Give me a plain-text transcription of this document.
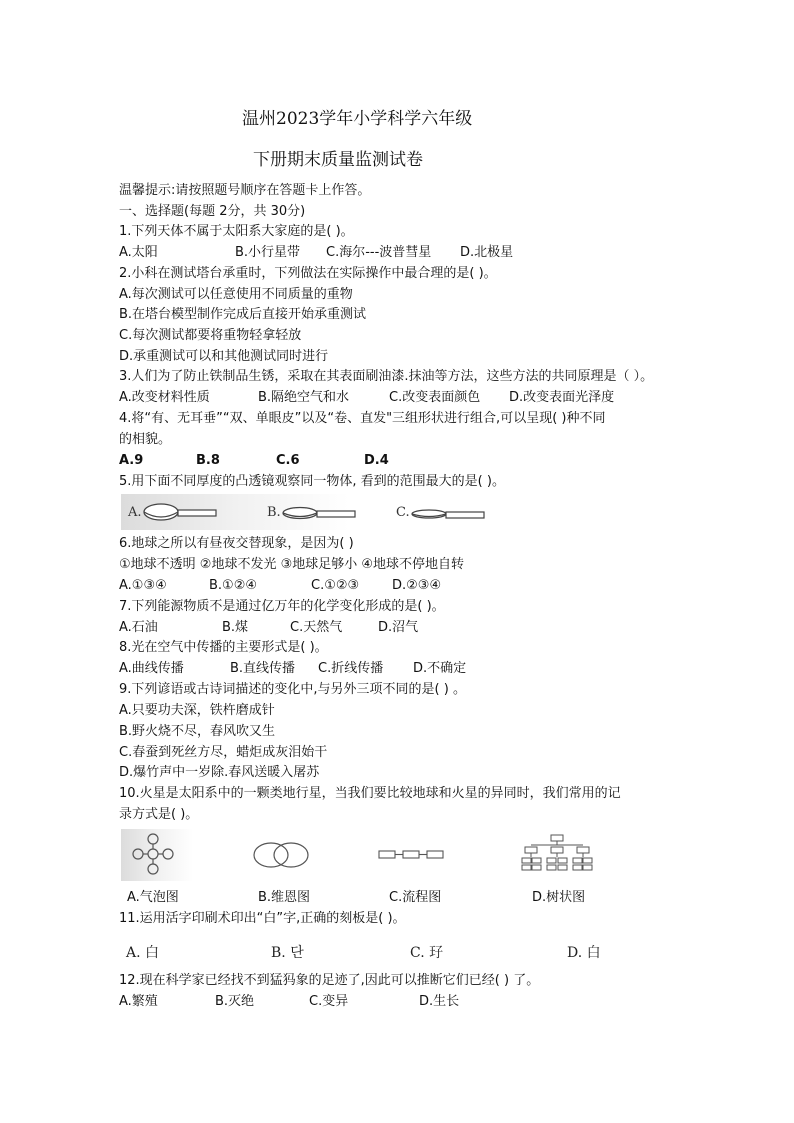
温州2023学年小学科学六年级
下册期末质量监测试卷
温馨提示:请按照题号顺序在答题卡上作答。
一、选择题(每题 2分，共 30分)
1.下列天体不属于太阳系大家庭的是( )。
A.太阳	B.小行星带 C.海尔---波普彗星 D.北极星
2.小科在测试塔台承重时，下列做法在实际操作中最合理的是( )。
A.每次测试可以任意使用不同质量的重物
B.在塔台模型制作完成后直接开始承重测试
C.每次测试都要将重物轻拿轻放
D.承重测试可以和其他测试同时进行
3.人们为了防止铁制品生锈，采取在其表面刷油漆.抹油等方法，这些方法的共同原理是（ ）。
A.改变材料性质	B.隔绝空气和水	C.改变表面颜色 D.改变表面光泽度
4.将“有、无耳垂”“双、单眼皮”以及“卷、直发"三组形状进行组合,可以呈现( )种不同
的相貌。
A.9	B.8	C.6	D.4
5.用下面不同厚度的凸透镜观察同一物体, 看到的范围最大的是( )。
A.	B.	C.
6.地球之所以有昼夜交替现象，是因为( )
①地球不透明 ②地球不发光 ③地球足够小 ④地球不停地自转
A.①③④	B.①②④	C.①②③	D.②③④
7.下列能源物质不是通过亿万年的化学变化形成的是( )。
A.石油	B.煤	C.天然气	D.沼气
8.光在空气中传播的主要形式是( )。
A.曲线传播	B.直线传播 C.折线传播 D.不确定
9.下列谚语或古诗词描述的变化中,与另外三项不同的是( ) 。
A.只要功夫深，铁杵磨成针
B.野火烧不尽，春风吹又生
C.春蚕到死丝方尽，蜡炬成灰泪始干
D.爆竹声中一岁除.春风送暖入屠苏
10.火星是太阳系中的一颗类地行星，当我们要比较地球和火星的异同时，我们常用的记
录方式是( )。
A.气泡图	B.维恩图	C.流程图	D.树状图
11.运用活字印刷术印出“白”字,正确的刻板是( )。
A. 白	B. 단	C. 㺭	D. 白
12.现在科学家已经找不到猛犸象的足迹了,因此可以推断它们已经( ) 了。
A.繁殖	B.灭绝	C.变异	D.生长
